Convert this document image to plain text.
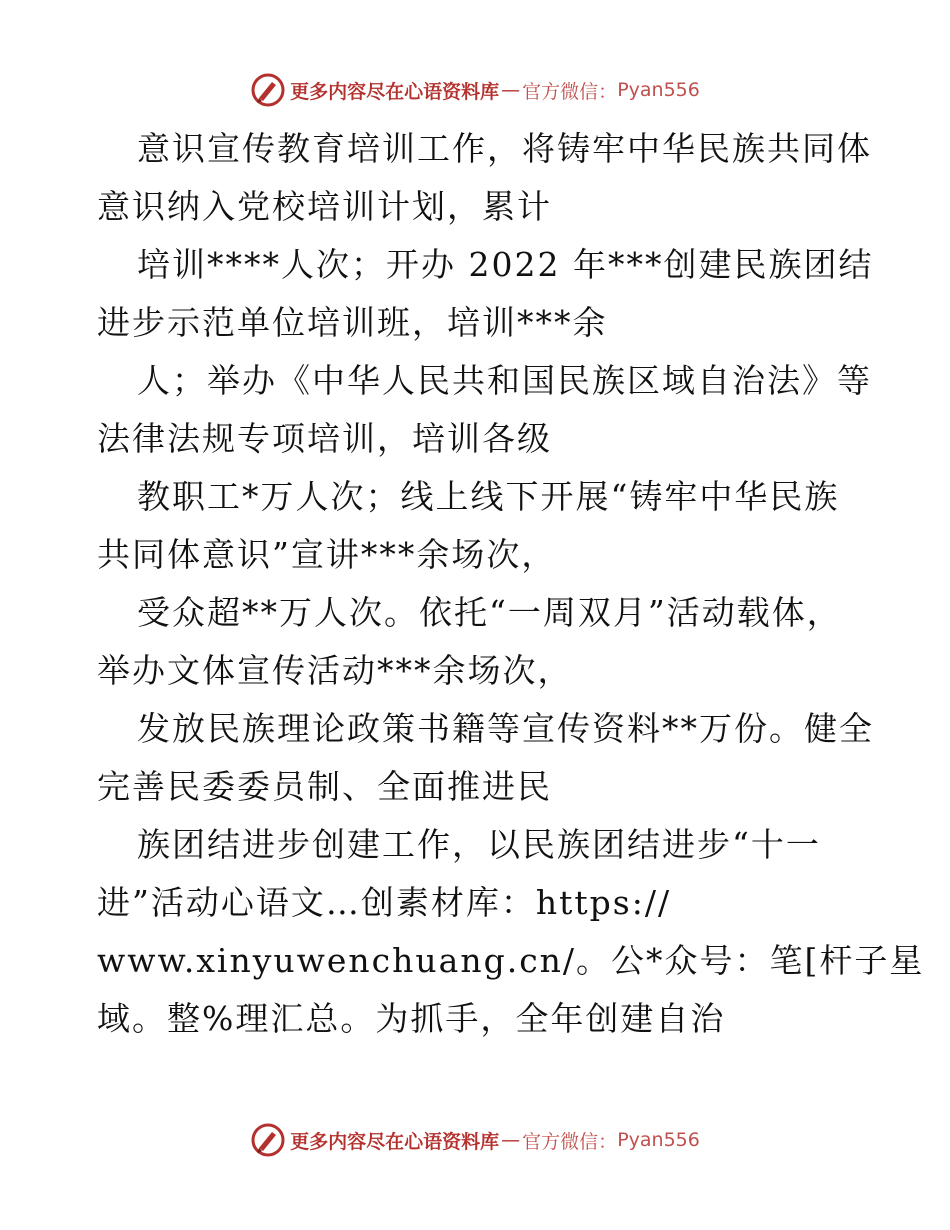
更多内容尽在心语资料库 — 官方微信： Pyan556
意识宣传教育培训工作，将铸牢中华民族共同体
意识纳入党校培训计划，累计
培训****人次；开办 2022 年***创建民族团结
进步示范单位培训班，培训***余
人；举办《中华人民共和国民族区域自治法》等
法律法规专项培训，培训各级
教职工*万人次；线上线下开展“铸牢中华民族
共同体意识”宣讲***余场次，
受众超**万人次。依托“一周双月”活动载体，
举办文体宣传活动***余场次，
发放民族理论政策书籍等宣传资料**万份。健全
完善民委委员制、全面推进民
族团结进步创建工作，以民族团结进步“十一
进”活动心语文…创素材库：https://
www.xinyuwenchuang.cn/。公*众号：笔[杆子星
域。整%理汇总。为抓手，全年创建自治
更多内容尽在心语资料库 — 官方微信： Pyan556
